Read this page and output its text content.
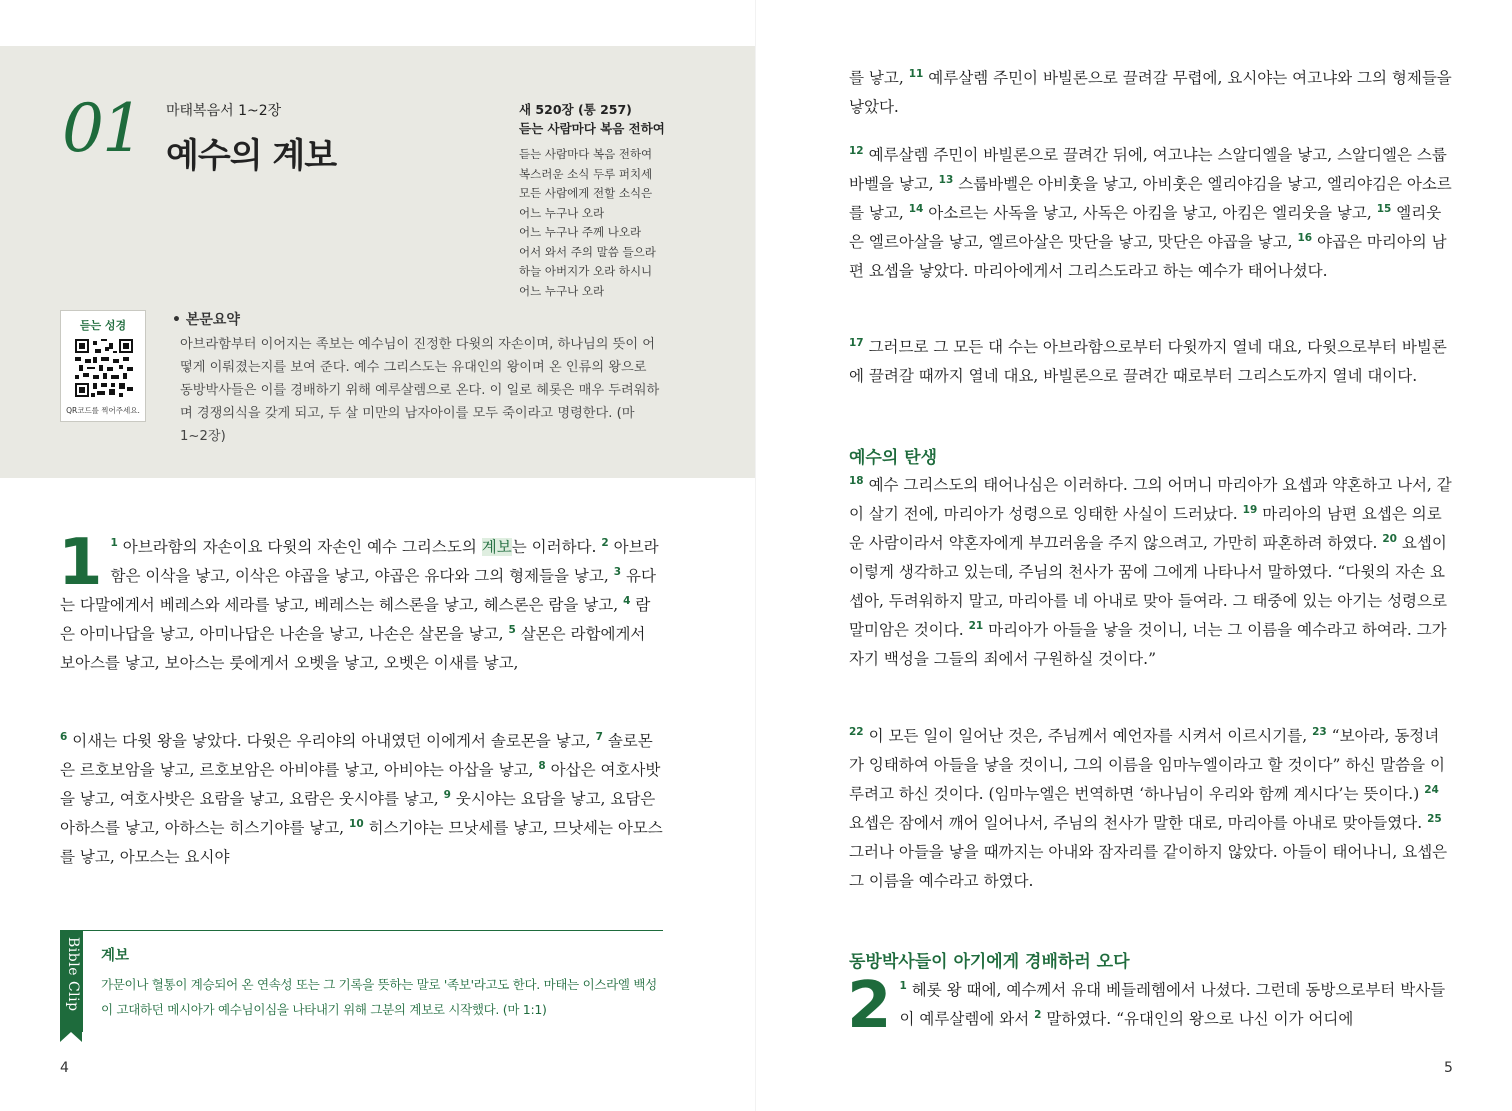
01 마태복음서 1~2장
예수의 계보
새 520장 (통 257)
듣는 사람마다 복음 전하여
듣는 사람마다 복음 전하여
복스러운 소식 두루 퍼치세
모든 사람에게 전할 소식은
어느 누구나 오라
어느 누구나 주께 나오라
어서 와서 주의 말씀 들으라
하늘 아버지가 오라 하시니
어느 누구나 오라
듣는 성경
QR코드를 찍어주세요.
• 본문요약
아브라함부터 이어지는 족보는 예수님이 진정한 다윗의 자손이며, 하나님의 뜻이 어떻게 이뤄졌는지를 보여 준다. 예수 그리스도는 유대인의 왕이며 온 인류의 왕으로 동방박사들은 이를 경배하기 위해 예루살렘으로 온다. 이 일로 헤롯은 매우 두려워하며 경쟁의식을 갖게 되고, 두 살 미만의 남자아이를 모두 죽이라고 명령한다. (마 1~2장)
1 $^1$ 아브라함의 자손이요 다윗의 자손인 예수 그리스도의 계보는 이러하다. $^2$ 아브라함은 이삭을 낳고, 이삭은 야곱을 낳고, 야곱은 유다와 그의 형제들을 낳고, $^3$ 유다는 다말에게서 베레스와 세라를 낳고, 베레스는 헤스론을 낳고, 헤스론은 람을 낳고, $^4$ 람은 아미나답을 낳고, 아미나답은 나손을 낳고, 나손은 살몬을 낳고, $^5$ 살몬은 라합에게서 보아스를 낳고, 보아스는 룻에게서 오벳을 낳고, 오벳은 이새를 낳고,
$^6$ 이새는 다윗 왕을 낳았다. 다윗은 우리야의 아내였던 이에게서 솔로몬을 낳고, $^7$ 솔로몬은 르호보암을 낳고, 르호보암은 아비야를 낳고, 아비야는 아삽을 낳고, $^8$ 아삽은 여호사밧을 낳고, 여호사밧은 요람을 낳고, 요람은 웃시야를 낳고, $^9$ 웃시야는 요담을 낳고, 요담은 아하스를 낳고, 아하스는 히스기야를 낳고, $^{10}$ 히스기야는 므낫세를 낳고, 므낫세는 아모스를 낳고, 아모스는 요시야
Bible Clip 계보
가문이나 혈통이 계승되어 온 연속성 또는 그 기록을 뜻하는 말로 '족보'라고도 한다. 마태는 이스라엘 백성이 고대하던 메시아가 예수님이심을 나타내기 위해 그분의 계보로 시작했다. (마 1:1)
4
를 낳고, $^{11}$ 예루살렘 주민이 바빌론으로 끌려갈 무렵에, 요시야는 여고냐와 그의 형제들을 낳았다.
$^{12}$ 예루살렘 주민이 바빌론으로 끌려간 뒤에, 여고냐는 스알디엘을 낳고, 스알디엘은 스룹바벨을 낳고, $^{13}$ 스룹바벨은 아비훗을 낳고, 아비훗은 엘리야김을 낳고, 엘리야김은 아소르를 낳고, $^{14}$ 아소르는 사독을 낳고, 사독은 아킴을 낳고, 아킴은 엘리웃을 낳고, $^{15}$ 엘리웃은 엘르아살을 낳고, 엘르아살은 맛단을 낳고, 맛단은 야곱을 낳고, $^{16}$ 야곱은 마리아의 남편 요셉을 낳았다. 마리아에게서 그리스도라고 하는 예수가 태어나셨다.
$^{17}$ 그러므로 그 모든 대 수는 아브라함으로부터 다윗까지 열네 대요, 다윗으로부터 바빌론에 끌려갈 때까지 열네 대요, 바빌론으로 끌려간 때로부터 그리스도까지 열네 대이다.
예수의 탄생
$^{18}$ 예수 그리스도의 태어나심은 이러하다. 그의 어머니 마리아가 요셉과 약혼하고 나서, 같이 살기 전에, 마리아가 성령으로 잉태한 사실이 드러났다. $^{19}$ 마리아의 남편 요셉은 의로운 사람이라서 약혼자에게 부끄러움을 주지 않으려고, 가만히 파혼하려 하였다. $^{20}$ 요셉이 이렇게 생각하고 있는데, 주님의 천사가 꿈에 그에게 나타나서 말하였다. “다윗의 자손 요셉아, 두려워하지 말고, 마리아를 네 아내로 맞아 들여라. 그 태중에 있는 아기는 성령으로 말미암은 것이다. $^{21}$ 마리아가 아들을 낳을 것이니, 너는 그 이름을 예수라고 하여라. 그가 자기 백성을 그들의 죄에서 구원하실 것이다.”
$^{22}$ 이 모든 일이 일어난 것은, 주님께서 예언자를 시켜서 이르시기를, $^{23}$ “보아라, 동정녀가 잉태하여 아들을 낳을 것이니, 그의 이름을 임마누엘이라고 할 것이다” 하신 말씀을 이루려고 하신 것이다. (임마누엘은 번역하면 ‘하나님이 우리와 함께 계시다’는 뜻이다.) $^{24}$ 요셉은 잠에서 깨어 일어나서, 주님의 천사가 말한 대로, 마리아를 아내로 맞아들였다. $^{25}$ 그러나 아들을 낳을 때까지는 아내와 잠자리를 같이하지 않았다. 아들이 태어나니, 요셉은 그 이름을 예수라고 하였다.
동방박사들이 아기에게 경배하러 오다
2 $^1$ 헤롯 왕 때에, 예수께서 유대 베들레헴에서 나셨다. 그런데 동방으로부터 박사들이 예루살렘에 와서 $^2$ 말하였다. “유대인의 왕으로 나신 이가 어디에
5
